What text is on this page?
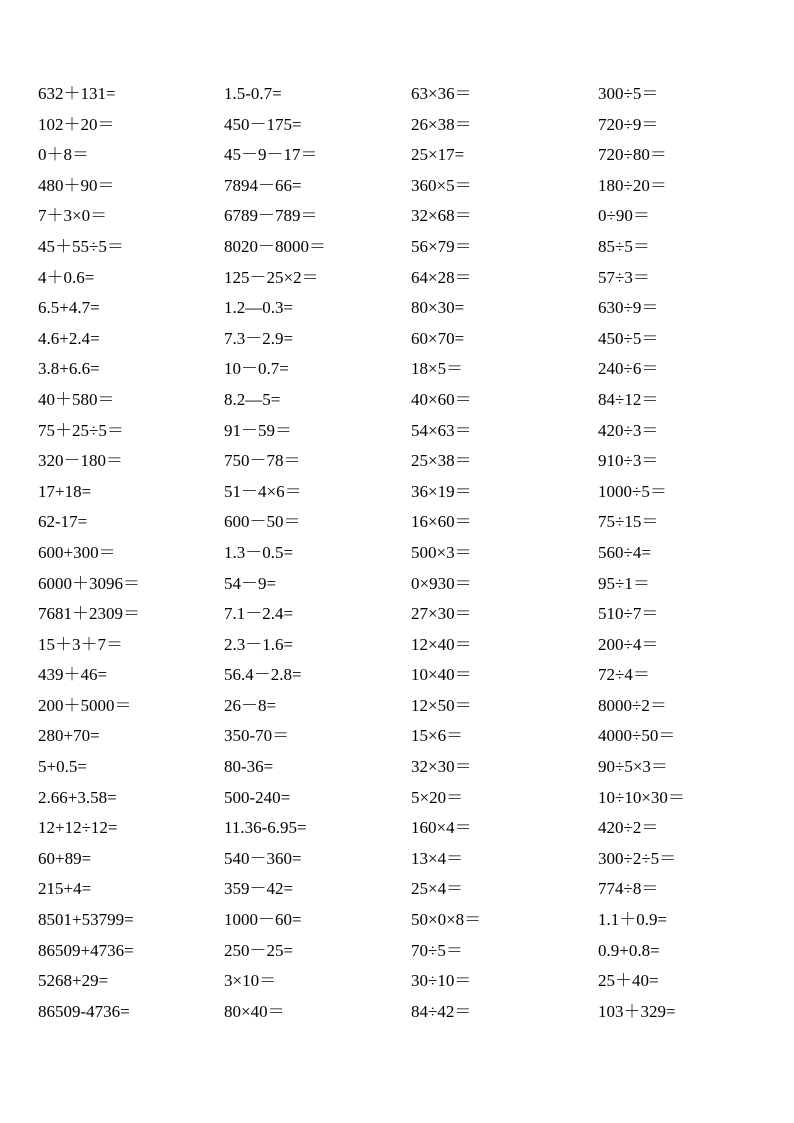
632＋131=
102＋20＝
0＋8＝
480＋90＝
7＋3×0＝
45＋55÷5＝
4＋0.6=
6.5+4.7=
4.6+2.4=
3.8+6.6=
40＋580＝
75＋25÷5＝
320－180＝
17+18=
62-17=
600+300＝
6000＋3096＝
7681＋2309＝
15＋3＋7＝
439＋46=
200＋5000＝
280+70=
5+0.5=
2.66+3.58=
12+12÷12=
60+89=
215+4=
8501+53799=
86509+4736=
5268+29=
86509-4736=
1.5-0.7=
450－175=
45－9－17＝
7894－66=
6789－789＝
8020－8000＝
125－25×2＝
1.2—0.3=
7.3－2.9=
10－0.7=
8.2—5=
91－59＝
750－78＝
51－4×6＝
600－50＝
1.3－0.5=
54－9=
7.1－2.4=
2.3－1.6=
56.4－2.8=
26－8=
350-70＝
80-36=
500-240=
11.36-6.95=
540－360=
359－42=
1000－60=
250－25=
3×10＝
80×40＝
63×36＝
26×38＝
25×17=
360×5＝
32×68＝
56×79＝
64×28＝
80×30=
60×70=
18×5＝
40×60＝
54×63＝
25×38＝
36×19＝
16×60＝
500×3＝
0×930＝
27×30＝
12×40＝
10×40＝
12×50＝
15×6＝
32×30＝
5×20＝
160×4＝
13×4＝
25×4＝
50×0×8＝
70÷5＝
30÷10＝
84÷42＝
300÷5＝
720÷9＝
720÷80＝
180÷20＝
0÷90＝
85÷5＝
57÷3＝
630÷9＝
450÷5＝
240÷6＝
84÷12＝
420÷3＝
910÷3＝
1000÷5＝
75÷15＝
560÷4=
95÷1＝
510÷7＝
200÷4＝
72÷4＝
8000÷2＝
4000÷50＝
90÷5×3＝
10÷10×30＝
420÷2＝
300÷2÷5＝
774÷8＝
1.1＋0.9=
0.9+0.8=
25＋40=
103＋329=
